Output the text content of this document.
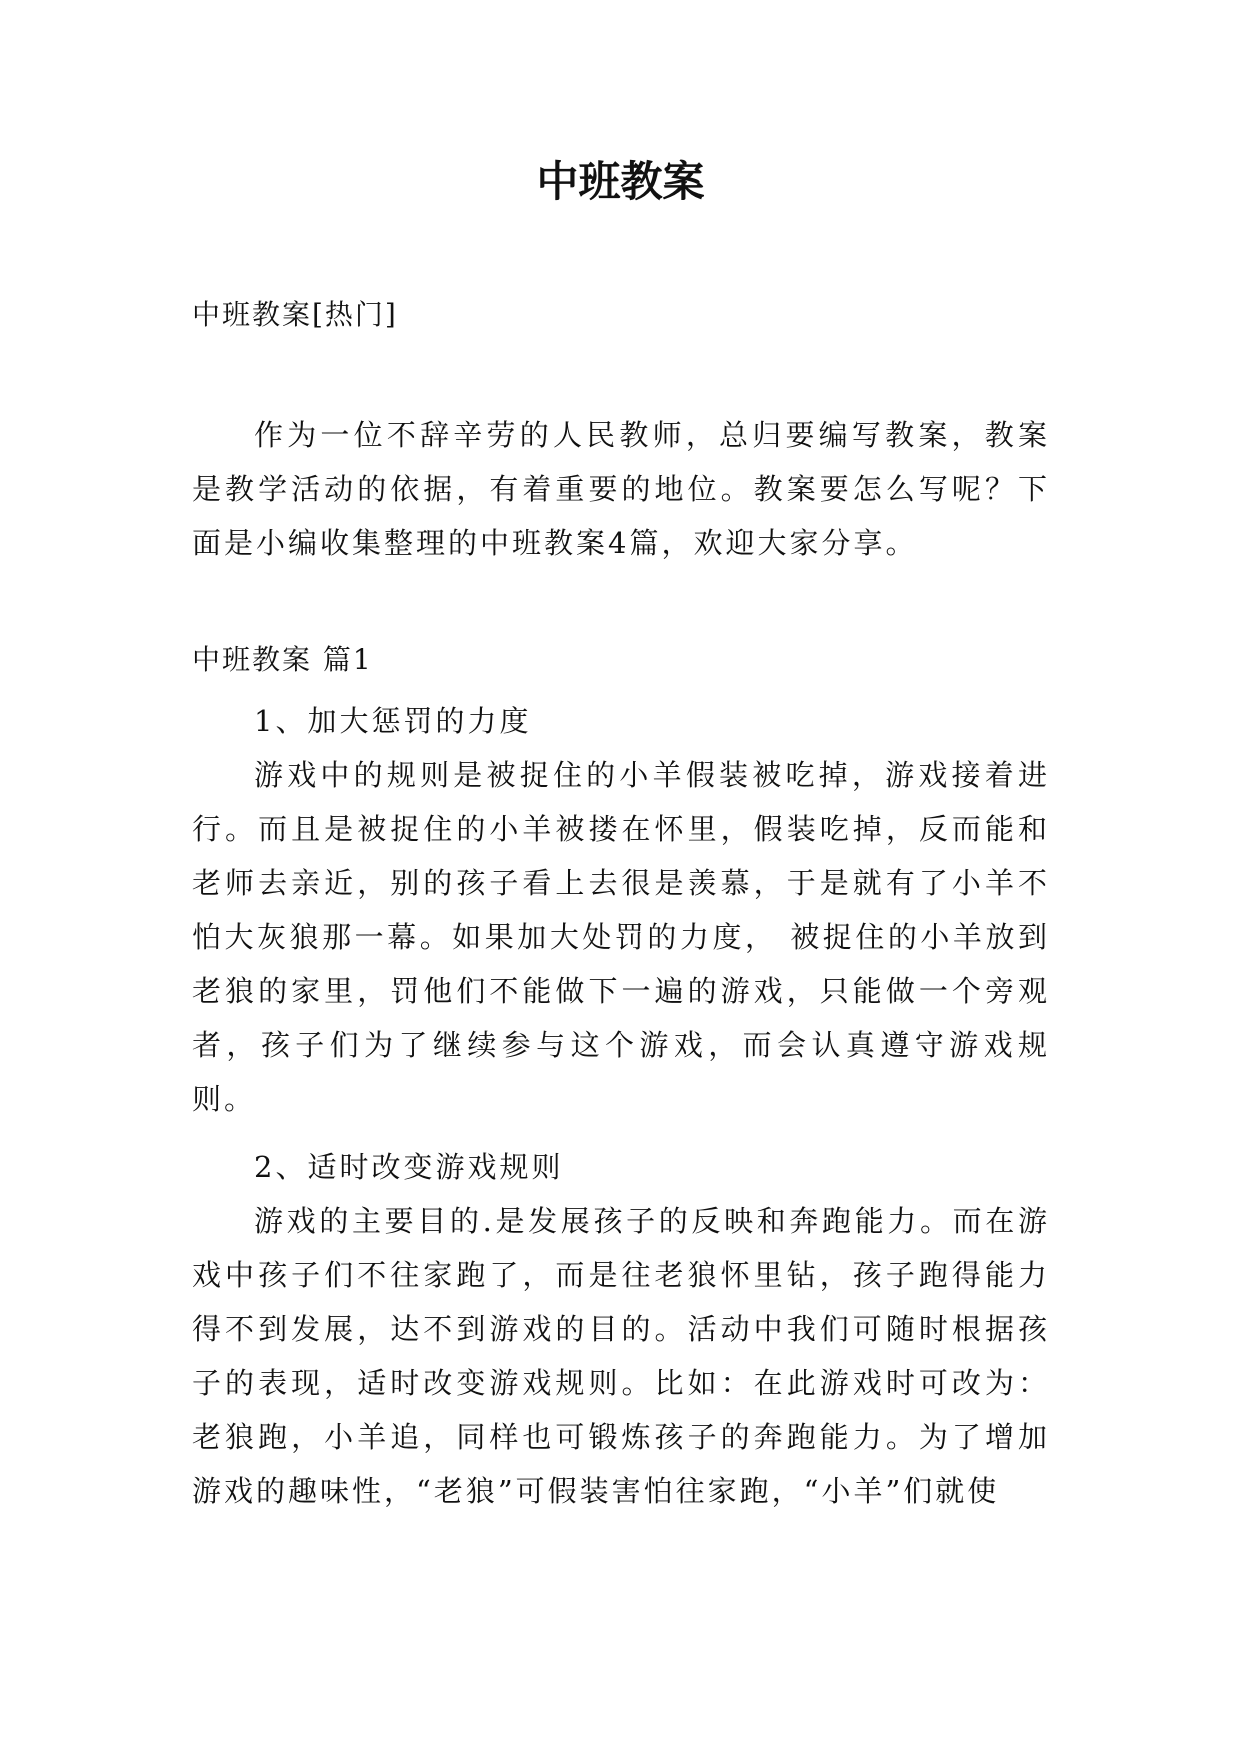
中班教案

中班教案[热门]

作为一位不辞辛劳的人民教师，总归要编写教案，教案是教学活动的依据，有着重要的地位。教案要怎么写呢？下面是小编收集整理的中班教案4篇，欢迎大家分享。

中班教案 篇1

1、加大惩罚的力度

游戏中的规则是被捉住的小羊假装被吃掉，游戏接着进行。而且是被捉住的小羊被搂在怀里，假装吃掉，反而能和老师去亲近，别的孩子看上去很是羡慕，于是就有了小羊不怕大灰狼那一幕。如果加大处罚的力度， 被捉住的小羊放到老狼的家里，罚他们不能做下一遍的游戏，只能做一个旁观者，孩子们为了继续参与这个游戏，而会认真遵守游戏规则。

2、适时改变游戏规则

游戏的主要目的.是发展孩子的反映和奔跑能力。而在游戏中孩子们不往家跑了，而是往老狼怀里钻，孩子跑得能力得不到发展，达不到游戏的目的。活动中我们可随时根据孩子的表现，适时改变游戏规则。比如：在此游戏时可改为：老狼跑，小羊追，同样也可锻炼孩子的奔跑能力。为了增加游戏的趣味性，“老狼”可假装害怕往家跑，“小羊”们就使
